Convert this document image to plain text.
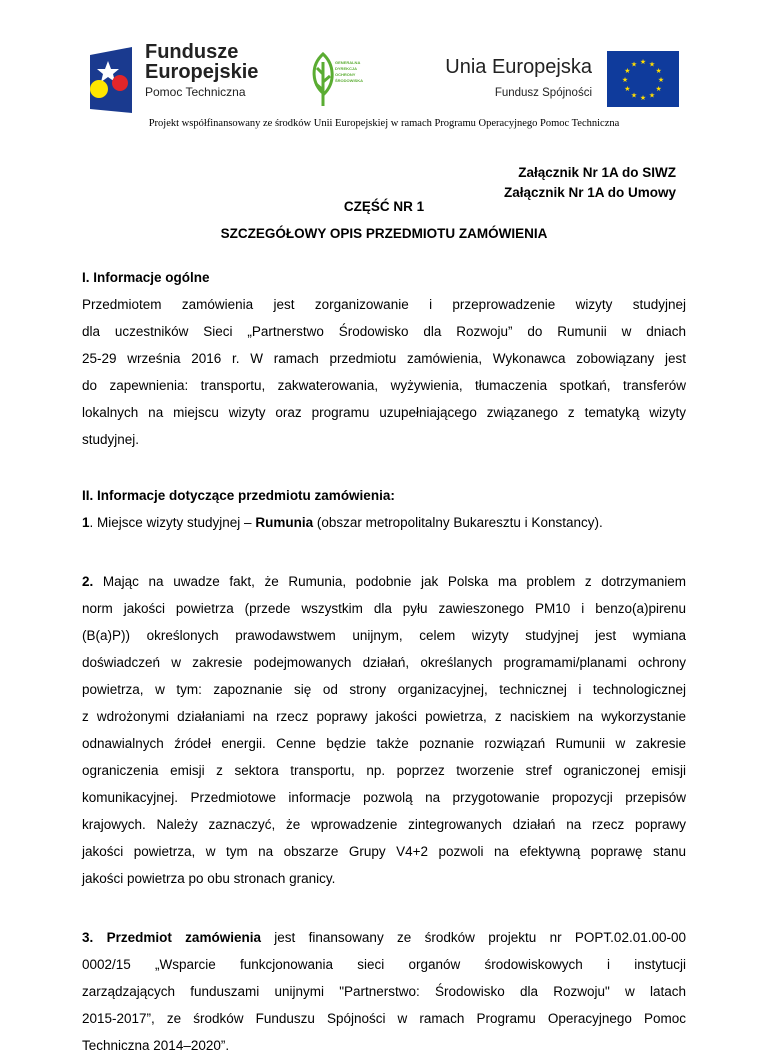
Fundusze
Europejskie
Pomoc Techniczna
GENERALNA DYREKCJA OCHRONY ŚRODOWISKA
Unia Europejska
Fundusz Spójności
★
★
★
★
★
★
★
★
★ ★ ★
★
Projekt współfinansowany ze środków Unii Europejskiej w ramach Programu Operacyjnego Pomoc Techniczna
Załącznik Nr 1A do SIWZ
Załącznik Nr 1A do Umowy
CZĘŚĆ NR 1
SZCZEGÓŁOWY OPIS PRZEDMIOTU ZAMÓWIENIA
I. Informacje ogólne
Przedmiotem zamówienia jest zorganizowanie i przeprowadzenie wizyty studyjnej
dla uczestników Sieci „Partnerstwo Środowisko dla Rozwoju” do Rumunii w dniach
25-29 września 2016 r. W ramach przedmiotu zamówienia, Wykonawca zobowiązany jest
do zapewnienia: transportu, zakwaterowania, wyżywienia, tłumaczenia spotkań, transferów
lokalnych na miejscu wizyty oraz programu uzupełniającego związanego z tematyką wizyty
studyjnej.
II. Informacje dotyczące przedmiotu zamówienia:
1. Miejsce wizyty studyjnej – Rumunia (obszar metropolitalny Bukaresztu i Konstancy).
2. Mając na uwadze fakt, że Rumunia, podobnie jak Polska ma problem z dotrzymaniem
norm jakości powietrza (przede wszystkim dla pyłu zawieszonego PM10 i benzo(a)pirenu
(B(a)P)) określonych prawodawstwem unijnym, celem wizyty studyjnej jest wymiana
doświadczeń w zakresie podejmowanych działań, określanych programami/planami ochrony
powietrza, w tym: zapoznanie się od strony organizacyjnej, technicznej i technologicznej
z wdrożonymi działaniami na rzecz poprawy jakości powietrza, z naciskiem na wykorzystanie
odnawialnych źródeł energii. Cenne będzie także poznanie rozwiązań Rumunii w zakresie
ograniczenia emisji z sektora transportu, np. poprzez tworzenie stref ograniczonej emisji
komunikacyjnej. Przedmiotowe informacje pozwolą na przygotowanie propozycji przepisów
krajowych. Należy zaznaczyć, że wprowadzenie zintegrowanych działań na rzecz poprawy
jakości powietrza, w tym na obszarze Grupy V4+2 pozwoli na efektywną poprawę stanu
jakości powietrza po obu stronach granicy.
3. Przedmiot zamówienia jest finansowany ze środków projektu nr POPT.02.01.00-00
0002/15 „Wsparcie funkcjonowania sieci organów środowiskowych i instytucji
zarządzających funduszami unijnymi "Partnerstwo: Środowisko dla Rozwoju" w latach
2015-2017”, ze środków Funduszu Spójności w ramach Programu Operacyjnego Pomoc
Techniczna 2014–2020”.
